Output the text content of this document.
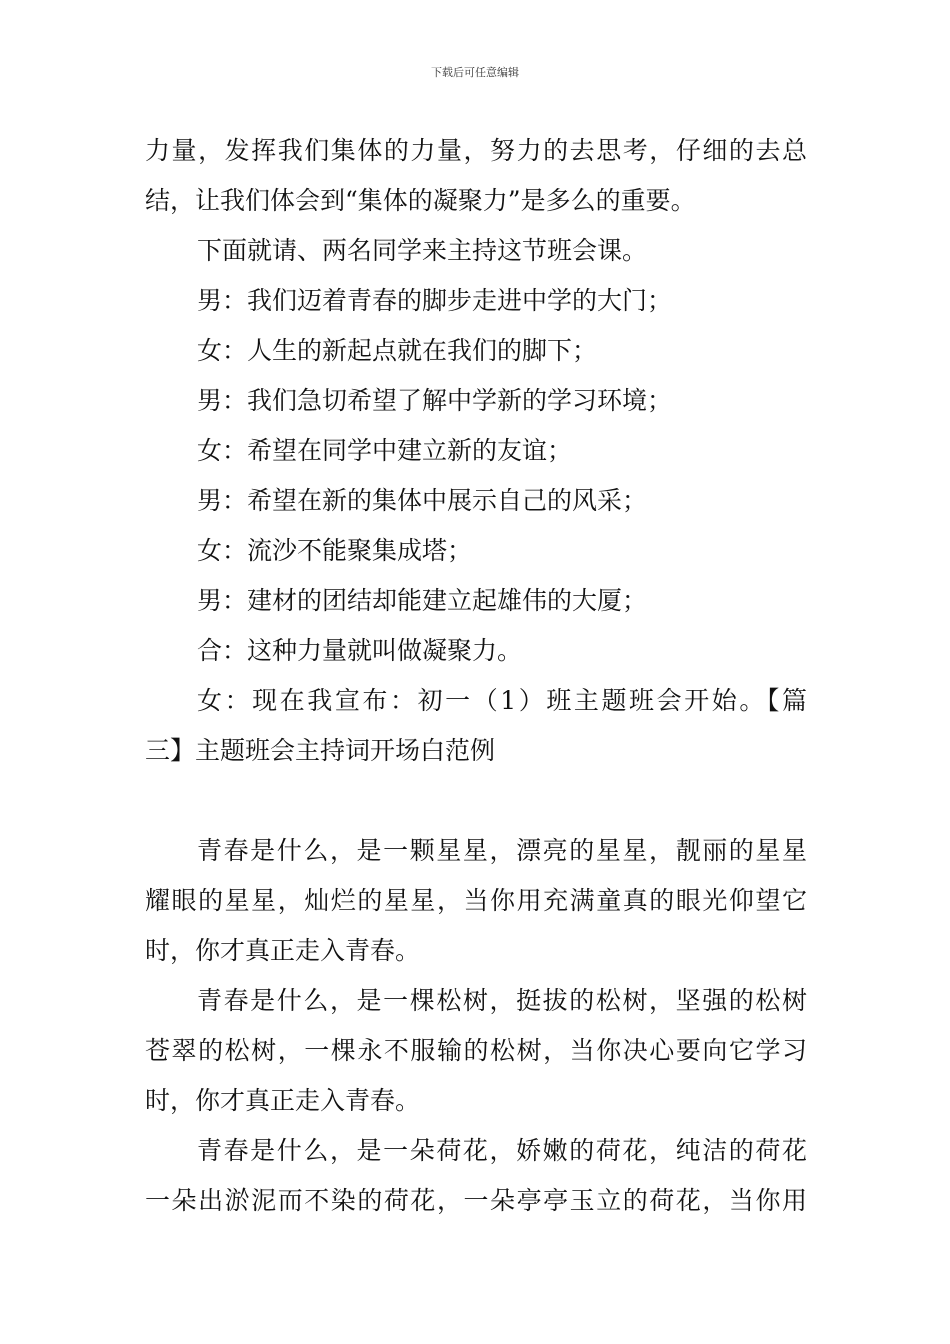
下载后可任意编辑
力量，发挥我们集体的力量，努力的去思考，仔细的去总
结，让我们体会到“集体的凝聚力”是多么的重要。
下面就请、两名同学来主持这节班会课。
男：我们迈着青春的脚步走进中学的大门；
女：人生的新起点就在我们的脚下；
男：我们急切希望了解中学新的学习环境；
女：希望在同学中建立新的友谊；
男：希望在新的集体中展示自己的风采；
女：流沙不能聚集成塔；
男：建材的团结却能建立起雄伟的大厦；
合：这种力量就叫做凝聚力。
女：现在我宣布：初一（1）班主题班会开始。【篇
三】主题班会主持词开场白范例
青春是什么，是一颗星星，漂亮的星星，靓丽的星星
耀眼的星星，灿烂的星星，当你用充满童真的眼光仰望它
时，你才真正走入青春。
青春是什么，是一棵松树，挺拔的松树，坚强的松树
苍翠的松树，一棵永不服输的松树，当你决心要向它学习
时，你才真正走入青春。
青春是什么，是一朵荷花，娇嫩的荷花，纯洁的荷花
一朵出淤泥而不染的荷花，一朵亭亭玉立的荷花，当你用
